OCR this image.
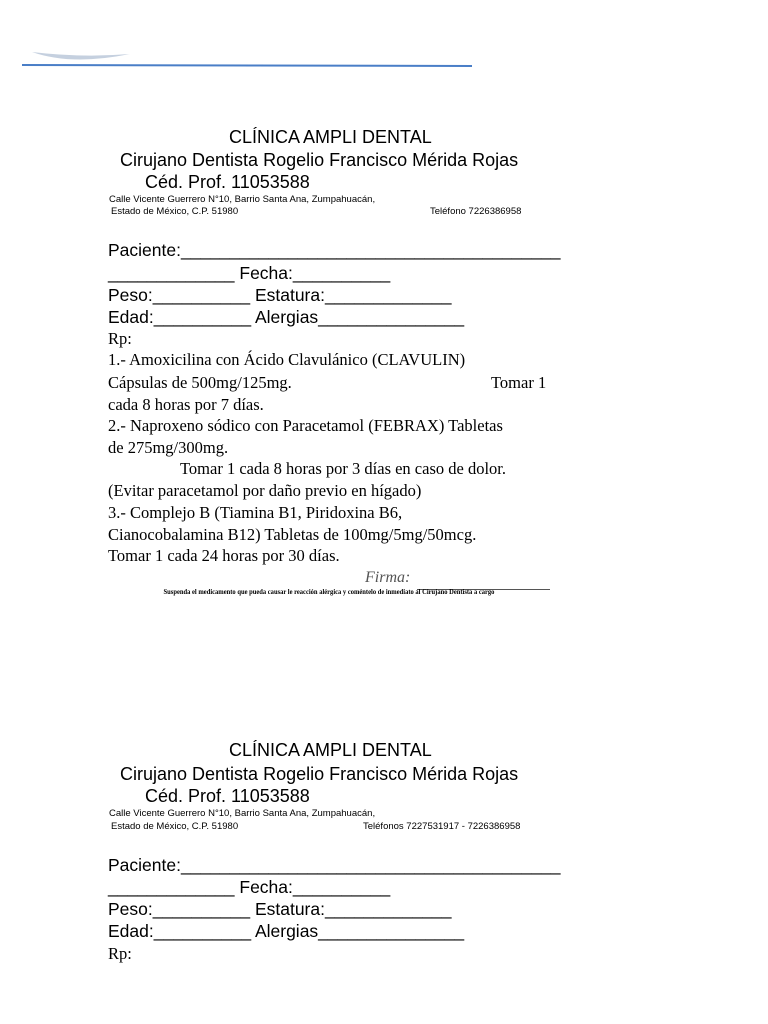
CLÍNICA AMPLI DENTAL
Cirujano Dentista Rogelio Francisco Mérida Rojas
Céd. Prof. 11053588
Calle Vicente Guerrero N°10, Barrio Santa Ana, Zumpahuacán,
Estado de México, C.P. 51980	Teléfono 7226386958
Paciente:_______________________________________
_____________ Fecha:__________
Peso:__________ Estatura:_____________
Edad:__________ Alergias_______________
Rp:
1.- Amoxicilina con Ácido Clavulánico (CLAVULIN)
Cápsulas de 500mg/125mg.	Tomar 1
cada 8 horas por 7 días.
2.- Naproxeno sódico con Paracetamol (FEBRAX) Tabletas
de 275mg/300mg.
Tomar 1 cada 8 horas por 3 días en caso de dolor.
(Evitar paracetamol por daño previo en hígado)
3.- Complejo B (Tiamina B1, Piridoxina B6,
Cianocobalamina B12) Tabletas de 100mg/5mg/50mcg.
Tomar 1 cada 24 horas por 30 días.
Firma:
Suspenda el medicamento que pueda causar le reacción alérgica y coméntelo de inmediato al Cirujano Dentista a cargo
CLÍNICA AMPLI DENTAL
Cirujano Dentista Rogelio Francisco Mérida Rojas
Céd. Prof. 11053588
Calle Vicente Guerrero N°10, Barrio Santa Ana, Zumpahuacán,
Estado de México, C.P. 51980	Teléfonos 7227531917 - 7226386958
Paciente:_______________________________________
_____________ Fecha:__________
Peso:__________ Estatura:_____________
Edad:__________ Alergias_______________
Rp:
